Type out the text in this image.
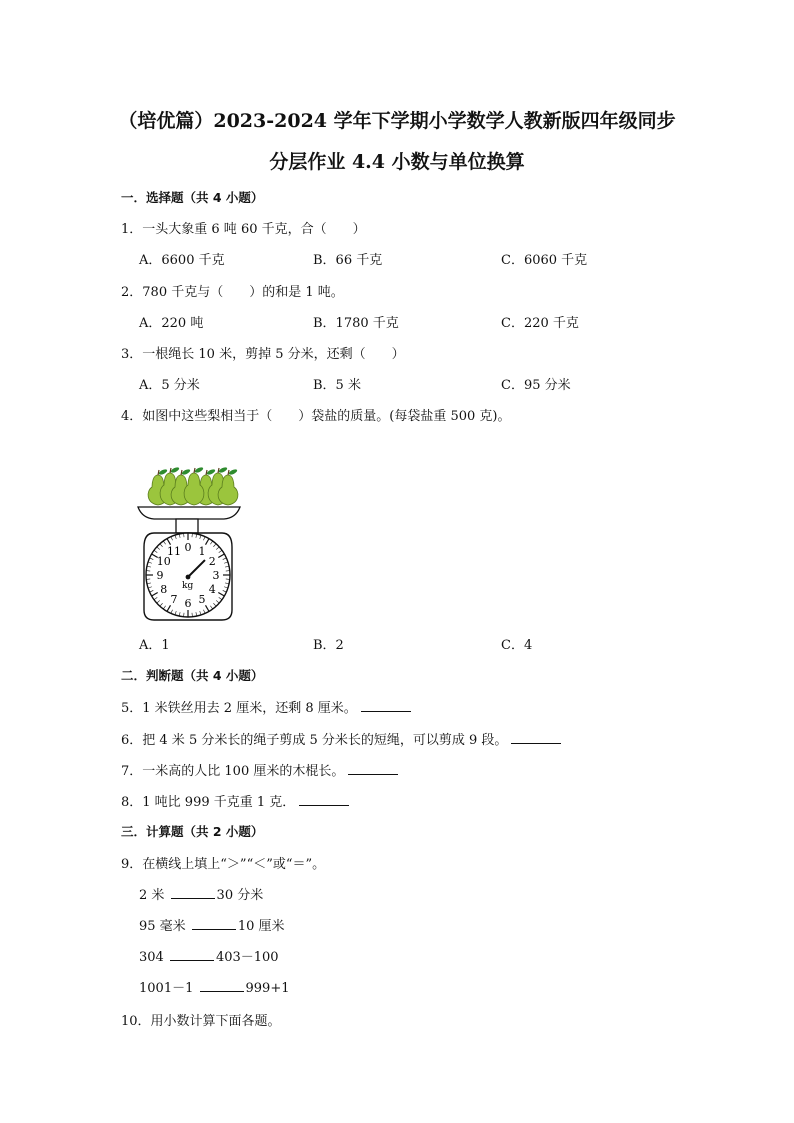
（培优篇）2023-2024 学年下学期小学数学人教新版四年级同步
分层作业 4.4 小数与单位换算
一．选择题（共 4 小题）
1．一头大象重 6 吨 60 千克，合（　　）
A．6600 千克	B．66 千克	C．6060 千克
2．780 千克与（　　）的和是 1 吨。
A．220 吨	B．1780 千克	C．220 千克
3．一根绳长 10 米，剪掉 5 分米，还剩（　　）
A．5 分米	B．5 米	C．95 分米
4．如图中这些梨相当于（　　）袋盐的质量。(每袋盐重 500 克)。
0 1
2
3
4
5
6
7
8
9
10
11
kg
A．1	B．2	C．4
二．判断题（共 4 小题）
5．1 米铁丝用去 2 厘米，还剩 8 厘米。
6．把 4 米 5 分米长的绳子剪成 5 分米长的短绳，可以剪成 9 段。
7．一米高的人比 100 厘米的木棍长。
8．1 吨比 999 千克重 1 克．
三．计算题（共 2 小题）
9．在横线上填上“＞”“＜”或“＝”。
2 米	30 分米
95 毫米	10 厘米
304	403－100
1001－1	999+1
10．用小数计算下面各题。
